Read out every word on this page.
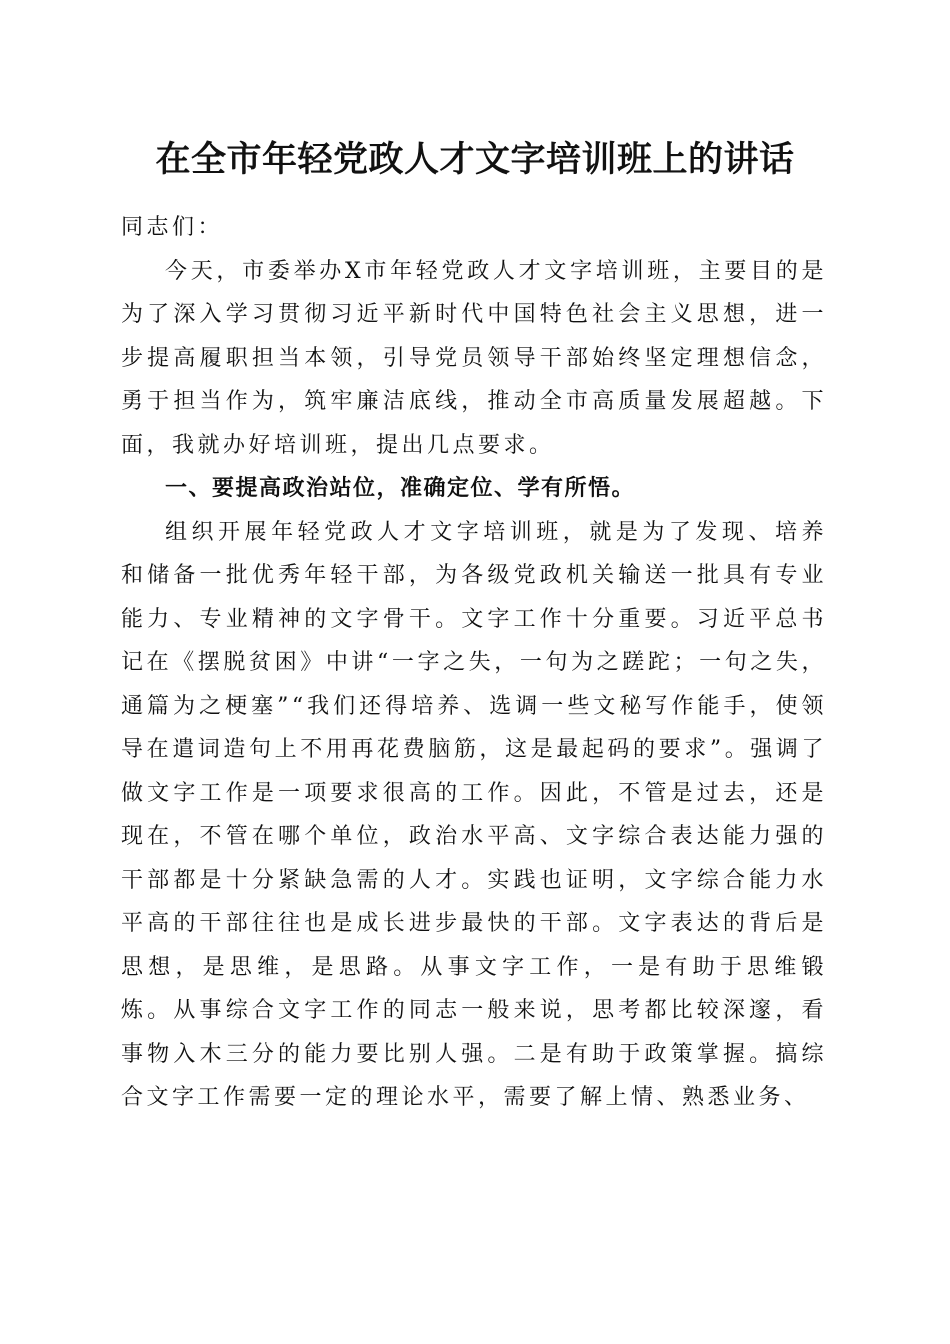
在全市年轻党政人才文字培训班上的讲话

同志们：

今天，市委举办X市年轻党政人才文字培训班，主要目的是为了深入学习贯彻习近平新时代中国特色社会主义思想，进一步提高履职担当本领，引导党员领导干部始终坚定理想信念，勇于担当作为，筑牢廉洁底线，推动全市高质量发展超越。下面，我就办好培训班，提出几点要求。

一、要提高政治站位，准确定位、学有所悟。

组织开展年轻党政人才文字培训班，就是为了发现、培养和储备一批优秀年轻干部，为各级党政机关输送一批具有专业能力、专业精神的文字骨干。文字工作十分重要。习近平总书记在《摆脱贫困》中讲“一字之失，一句为之蹉跎；一句之失，通篇为之梗塞”“我们还得培养、选调一些文秘写作能手，使领导在遣词造句上不用再花费脑筋，这是最起码的要求”。强调了做文字工作是一项要求很高的工作。因此，不管是过去，还是现在，不管在哪个单位，政治水平高、文字综合表达能力强的干部都是十分紧缺急需的人才。实践也证明，文字综合能力水平高的干部往往也是成长进步最快的干部。文字表达的背后是思想，是思维，是思路。从事文字工作，一是有助于思维锻炼。从事综合文字工作的同志一般来说，思考都比较深邃，看事物入木三分的能力要比别人强。二是有助于政策掌握。搞综合文字工作需要一定的理论水平，需要了解上情、熟悉业务、
